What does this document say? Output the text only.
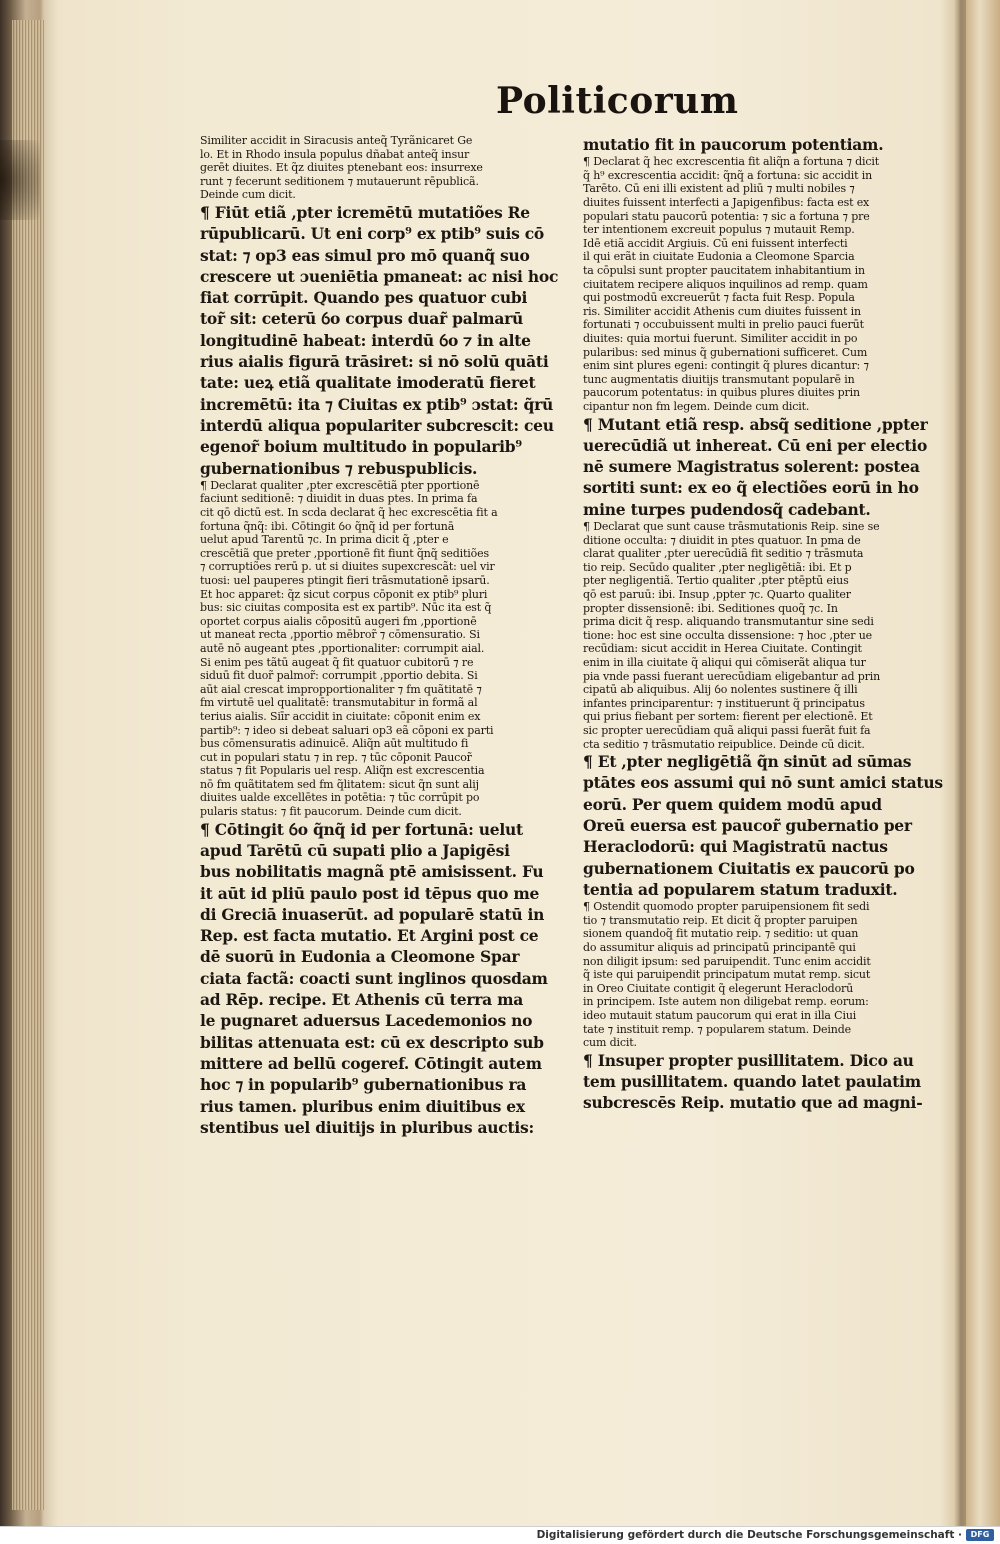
Politicorum
Similiter accidit in Siracusis anteq̃ Tyrãnicaret Ge
lo. Et in Rhodo insula populus dñabat anteq̃ insur
gerēt diuites. Et q̃z diuites ptenebant eos: insurrexe
runt ⁊ fecerunt seditionem ⁊ mutauerunt rēpublicã.
Deinde cum dicit.
¶ Fiūt etiã ,pter icremētū mutatiões Re
rūpublicarū. Ut eni corp⁹ ex ptib⁹ suis cō
stat: ⁊ op3 eas simul pro mō quanq̃ suo
crescere ut ɔueniētia pmaneat: ac nisi hoc
fiat corrūpit. Quando pes quatuor cubi
tor̃ sit: ceterū ỽo corpus duar̃ palmarū
longitudinē habeat: interdū ỽo ⁊ in alte
rius aialis figurā trāsiret: si nō solū quāti
tate: ueꝝ etiã qualitate imoderatū fieret
incremētū: ita ⁊ Ciuitas ex ptib⁹ ɔstat: q̃rū
interdū aliqua populariter subcrescit: ceu
egenor̃ boium multitudo in popularib⁹
gubernationibus ⁊ rebuspublicis.
¶ Declarat qualiter ,pter excrescētiã pter pportionē
faciunt seditionē: ⁊ diuidit in duas ptes. In prima fa
cit qō dictū est. In scda declarat q̃ hec excrescētia fit a
fortuna q̃nq̃: ibi. Cōtingit ỽo q̃nq̃ id per fortunā
uelut apud Tarentū ⁊c. In prima dicit q̃ ,pter e
crescētiã que preter ,pportionē fit fiunt q̃nq̃ seditiões
⁊ corruptiões rerū p. ut si diuites supexcrescãt: uel vir
tuosi: uel pauperes ptingit fieri trāsmutationē ipsarū.
Et hoc apparet: q̃z sicut corpus cōponit ex ptib⁹ pluri
bus: sic ciuitas composita est ex partib⁹. Nūc ita est q̃
oportet corpus aialis cōpositū augeri fm ,pportionē
ut maneat recta ,pportio mēbror̃ ⁊ cōmensuratio. Si
autē nō augeant ptes ,pportionaliter: corrumpit aial.
Si enim pes tãtū augeat q̃ fit quatuor cubitorū ⁊ re
siduū fit duor̃ palmor̃: corrumpit ,pportio debita. Si
aūt aial crescat impropportionaliter ⁊ fm quãtitatē ⁊
fm virtutē uel qualitatē: transmutabitur in formã al
terius aialis. Siīr accidit in ciuitate: cōponit enim ex
partib⁹: ⁊ ideo si debeat saluari op3 eã cōponi ex parti
bus cōmensuratis adinuicē. Aliq̃n aūt multitudo fi
cut in populari statu ⁊ in rep. ⁊ tūc cōponit Paucor̃
status ⁊ fit Popularis uel resp. Aliq̃n est excrescentia
nō fm quãtitatem sed fm q̃litatem: sicut q̃n sunt alij
diuites ualde excellētes in potētia: ⁊ tūc corrūpit po
pularis status: ⁊ fit paucorum. Deinde cum dicit.
¶ Cōtingit ỽo q̃nq̃ id per fortunā: uelut
apud Tarētū cū supati plio a Japigēsi
bus nobilitatis magnã ptē amisissent. Fu
it aūt id pliū paulo post id tēpus quo me
di Greciā inuaserūt. ad popularē statū in
Rep. est facta mutatio. Et Argini post ce
dē suorū in Eudonia a Cleomone Spar
ciata factã: coacti sunt inglinos quosdam
ad Rēp. recipe. Et Athenis cū terra ma
le pugnaret aduersus Lacedemonios no
bilitas attenuata est: cū ex descripto sub
mittere ad bellū cogeref. Cōtingit autem
hoc ⁊ in popularib⁹ gubernationibus ra
rius tamen. pluribus enim diuitibus ex
stentibus uel diuitijs in pluribus auctis:
mutatio fit in paucorum potentiam.
¶ Declarat q̃ hec excrescentia fit aliq̃n a fortuna ⁊ dicit
q̃ h⁹ excrescentia accidit: q̃nq̃ a fortuna: sic accidit in
Tarēto. Cū eni illi existent ad pliū ⁊ multi nobiles ⁊
diuites fuissent interfecti a Japigenfibus: facta est ex
populari statu paucorū potentia: ⁊ sic a fortuna ⁊ pre
ter intentionem excreuit populus ⁊ mutauit Remp.
Idē etiã accidit Argiuis. Cū eni fuissent interfecti
il qui erãt in ciuitate Eudonia a Cleomone Sparcia
ta cōpulsi sunt propter paucitatem inhabitantium in
ciuitatem recipere aliquos inquilinos ad remp. quam
qui postmodū excreuerūt ⁊ facta fuit Resp. Popula
ris. Similiter accidit Athenis cum diuites fuissent in
fortunati ⁊ occubuissent multi in prelio pauci fuerūt
diuites: quia mortui fuerunt. Similiter accidit in po
pularibus: sed minus q̃ gubernationi sufficeret. Cum
enim sint plures egeni: contingit q̃ plures dicantur: ⁊
tunc augmentatis diuitijs transmutant popularē in
paucorum potentatus: in quibus plures diuites prin
cipantur non fm legem. Deinde cum dicit.
¶ Mutant etiã resp. absq̃ seditione ,ppter
uerecūdiã ut inhereat. Cū eni per electio
nē sumere Magistratus solerent: postea
sortiti sunt: ex eo q̃ electiões eorū in ho
mine turpes pudendosq̃ cadebant.
¶ Declarat que sunt cause trāsmutationis Reip. sine se
ditione occulta: ⁊ diuidit in ptes quatuor. In pma de
clarat qualiter ,pter uerecūdiã fit seditio ⁊ trāsmuta
tio reip. Secūdo qualiter ,pter negligētiã: ibi. Et p
pter negligentiã. Tertio qualiter ,pter ptēptū eius
qō est paruū: ibi. Insup ,ppter ⁊c. Quarto qualiter
propter dissensionē: ibi. Seditiones quoq̃ ⁊c. In
prima dicit q̃ resp. aliquando transmutantur sine sedi
tione: hoc est sine occulta dissensione: ⁊ hoc ,pter ue
recūdiam: sicut accidit in Herea Ciuitate. Contingit
enim in illa ciuitate q̃ aliqui qui cōmiserãt aliqua tur
pia vnde passi fuerant uerecūdiam eligebantur ad prin
cipatū ab aliquibus. Alij ỽo nolentes sustinere q̃ illi
infantes principarentur: ⁊ instituerunt q̃ principatus
qui prius fiebant per sortem: fierent per electionē. Et
sic propter uerecūdiam quã aliqui passi fuerãt fuit fa
cta seditio ⁊ trāsmutatio reipublice. Deinde cū dicit.
¶ Et ,pter negligētiã q̃n sinūt ad sūmas
ptātes eos assumi qui nō sunt amici status
eorū. Per quem quidem modū apud
Oreū euersa est paucor̃ gubernatio per
Heraclodorū: qui Magistratū nactus
gubernationem Ciuitatis ex paucorū po
tentia ad popularem statum traduxit.
¶ Ostendit quomodo propter paruipensionem fit sedi
tio ⁊ transmutatio reip. Et dicit q̃ propter paruipen
sionem quandoq̃ fit mutatio reip. ⁊ seditio: ut quan
do assumitur aliquis ad principatū principantē qui
non diligit ipsum: sed paruipendit. Tunc enim accidit
q̃ iste qui paruipendit principatum mutat remp. sicut
in Oreo Ciuitate contigit q̃ elegerunt Heraclodorū
in principem. Iste autem non diligebat remp. eorum:
ideo mutauit statum paucorum qui erat in illa Ciui
tate ⁊ instituit remp. ⁊ popularem statum. Deinde
cum dicit.
¶ Insuper propter pusillitatem. Dico au
tem pusillitatem. quando latet paulatim
subcrescēs Reip. mutatio que ad magni-
Digitalisierung gefördert durch die Deutsche Forschungsgemeinschaft ·	DFG
